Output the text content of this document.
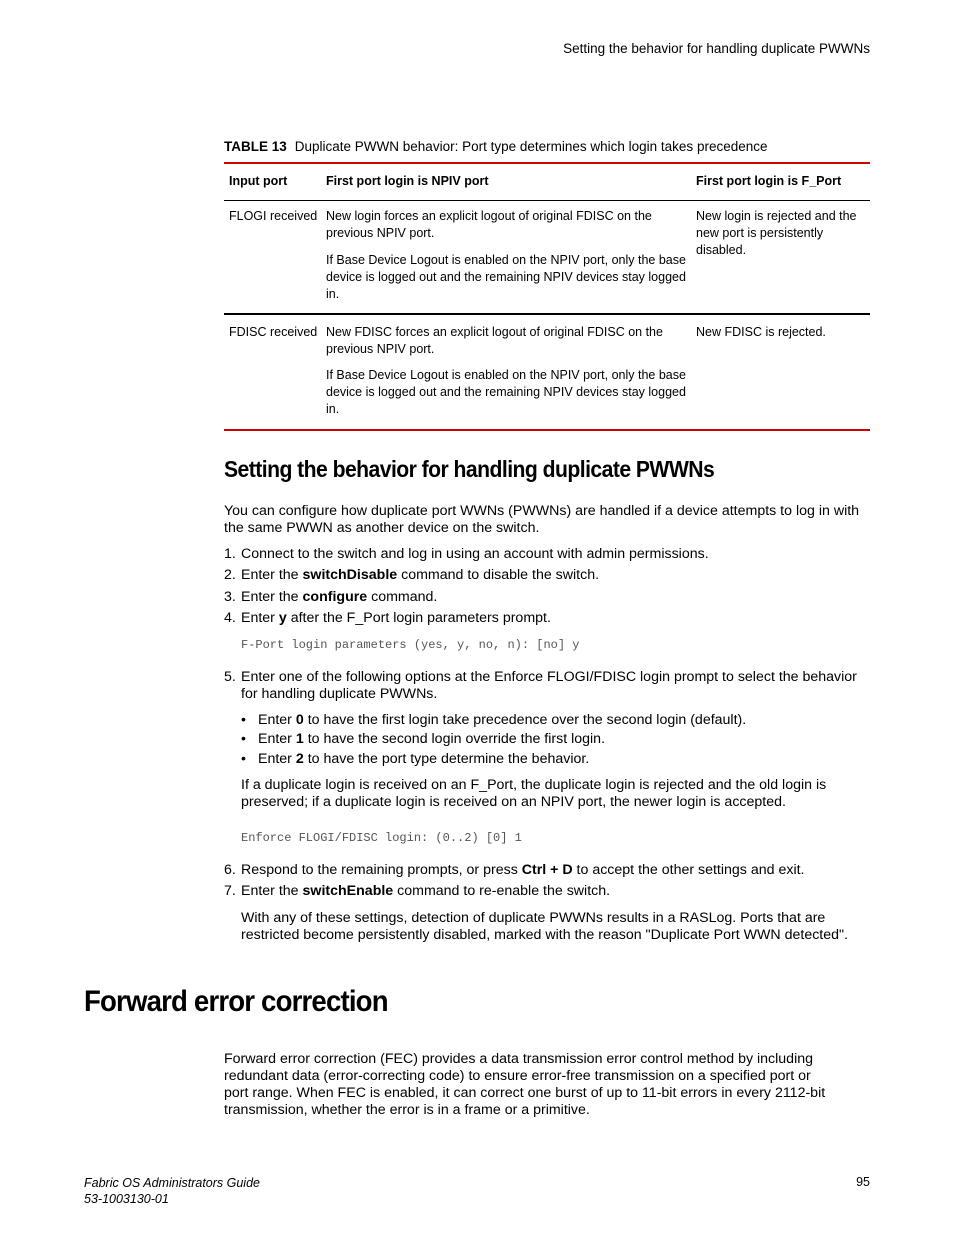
Setting the behavior for handling duplicate PWWNs
TABLE 13 Duplicate PWWN behavior: Port type determines which login takes precedence
Input port	First port login is NPIV port	First port login is F_Port
FLOGI received New login forces an explicit logout of original FDISC on the previous NPIV port.
If Base Device Logout is enabled on the NPIV port, only the base device is logged out and the remaining NPIV devices stay logged in.
New login is rejected and the new port is persistently disabled.
FDISC received New FDISC forces an explicit logout of original FDISC on the previous NPIV port.
If Base Device Logout is enabled on the NPIV port, only the base device is logged out and the remaining NPIV devices stay logged in.
New FDISC is rejected.
Setting the behavior for handling duplicate PWWNs
You can configure how duplicate port WWNs (PWWNs) are handled if a device attempts to log in with the same PWWN as another device on the switch.
1. Connect to the switch and log in using an account with admin permissions.
2. Enter the switchDisable command to disable the switch.
3. Enter the configure command.
4. Enter y after the F_Port login parameters prompt.
F-Port login parameters (yes, y, no, n): [no] y
5. Enter one of the following options at the Enforce FLOGI/FDISC login prompt to select the behavior for handling duplicate PWWNs.
• Enter 0 to have the first login take precedence over the second login (default).
• Enter 1 to have the second login override the first login.
• Enter 2 to have the port type determine the behavior.
If a duplicate login is received on an F_Port, the duplicate login is rejected and the old login is preserved; if a duplicate login is received on an NPIV port, the newer login is accepted.
Enforce FLOGI/FDISC login: (0..2) [0] 1
6. Respond to the remaining prompts, or press Ctrl + D to accept the other settings and exit.
7. Enter the switchEnable command to re-enable the switch.
With any of these settings, detection of duplicate PWWNs results in a RASLog. Ports that are restricted become persistently disabled, marked with the reason "Duplicate Port WWN detected".
Forward error correction
Forward error correction (FEC) provides a data transmission error control method by including redundant data (error-correcting code) to ensure error-free transmission on a specified port or port range. When FEC is enabled, it can correct one burst of up to 11-bit errors in every 2112-bit transmission, whether the error is in a frame or a primitive.
Fabric OS Administrators Guide
53-1003130-01
95
